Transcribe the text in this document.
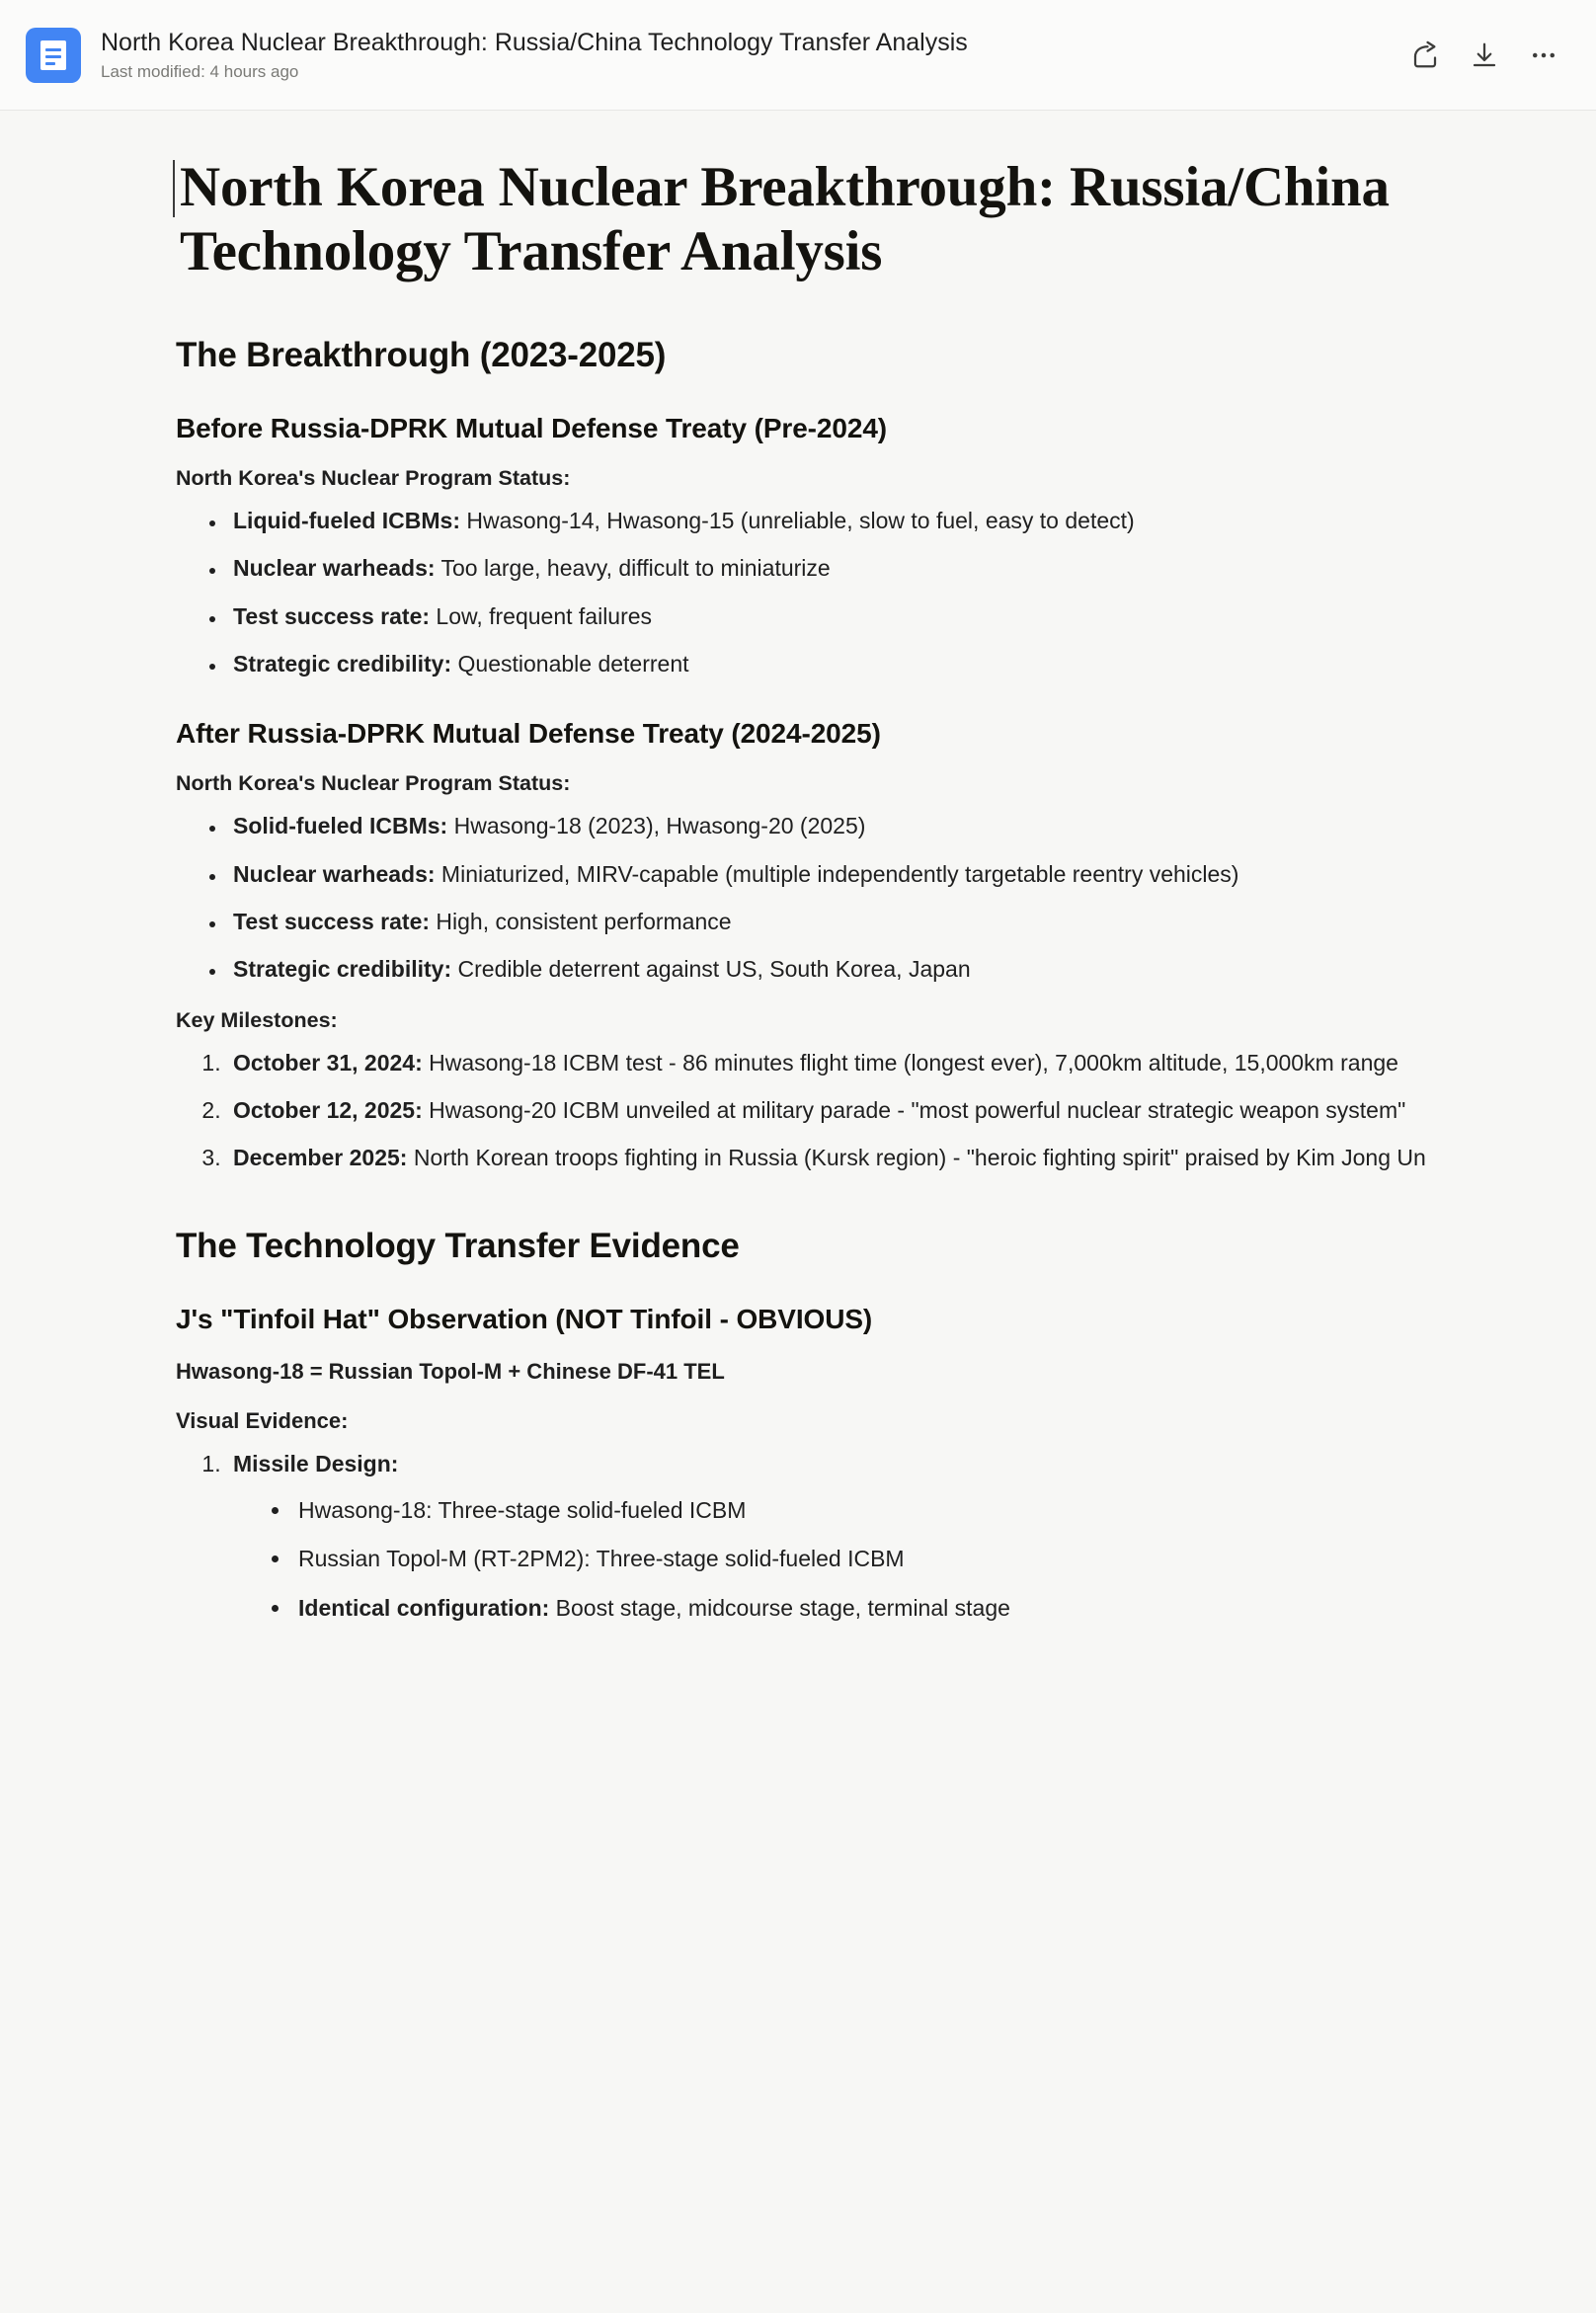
North Korea Nuclear Breakthrough: Russia/China Technology Transfer Analysis
Last modified: 4 hours ago
North Korea Nuclear Breakthrough: Russia/China Technology Transfer Analysis
The Breakthrough (2023-2025)
Before Russia-DPRK Mutual Defense Treaty (Pre-2024)

North Korea's Nuclear Program Status:

• Liquid-fueled ICBMs: Hwasong-14, Hwasong-15 (unreliable, slow to fuel, easy to detect)
• Nuclear warheads: Too large, heavy, difficult to miniaturize
• Test success rate: Low, frequent failures
• Strategic credibility: Questionable deterrent
After Russia-DPRK Mutual Defense Treaty (2024-2025)

North Korea's Nuclear Program Status:

• Solid-fueled ICBMs: Hwasong-18 (2023), Hwasong-20 (2025)
• Nuclear warheads: Miniaturized, MIRV-capable (multiple independently targetable reentry vehicles)
• Test success rate: High, consistent performance
• Strategic credibility: Credible deterrent against US, South Korea, Japan

Key Milestones:

1. October 31, 2024: Hwasong-18 ICBM test - 86 minutes flight time (longest ever), 7,000km altitude, 15,000km range
2. October 12, 2025: Hwasong-20 ICBM unveiled at military parade - "most powerful nuclear strategic weapon system"
3. December 2025: North Korean troops fighting in Russia (Kursk region) - "heroic fighting spirit" praised by Kim Jong Un
The Technology Transfer Evidence
J's "Tinfoil Hat" Observation (NOT Tinfoil - OBVIOUS)

Hwasong-18 = Russian Topol-M + Chinese DF-41 TEL

Visual Evidence:

1. Missile Design:
• Hwasong-18: Three-stage solid-fueled ICBM
• Russian Topol-M (RT-2PM2): Three-stage solid-fueled ICBM
• Identical configuration: Boost stage, midcourse stage, terminal stage
